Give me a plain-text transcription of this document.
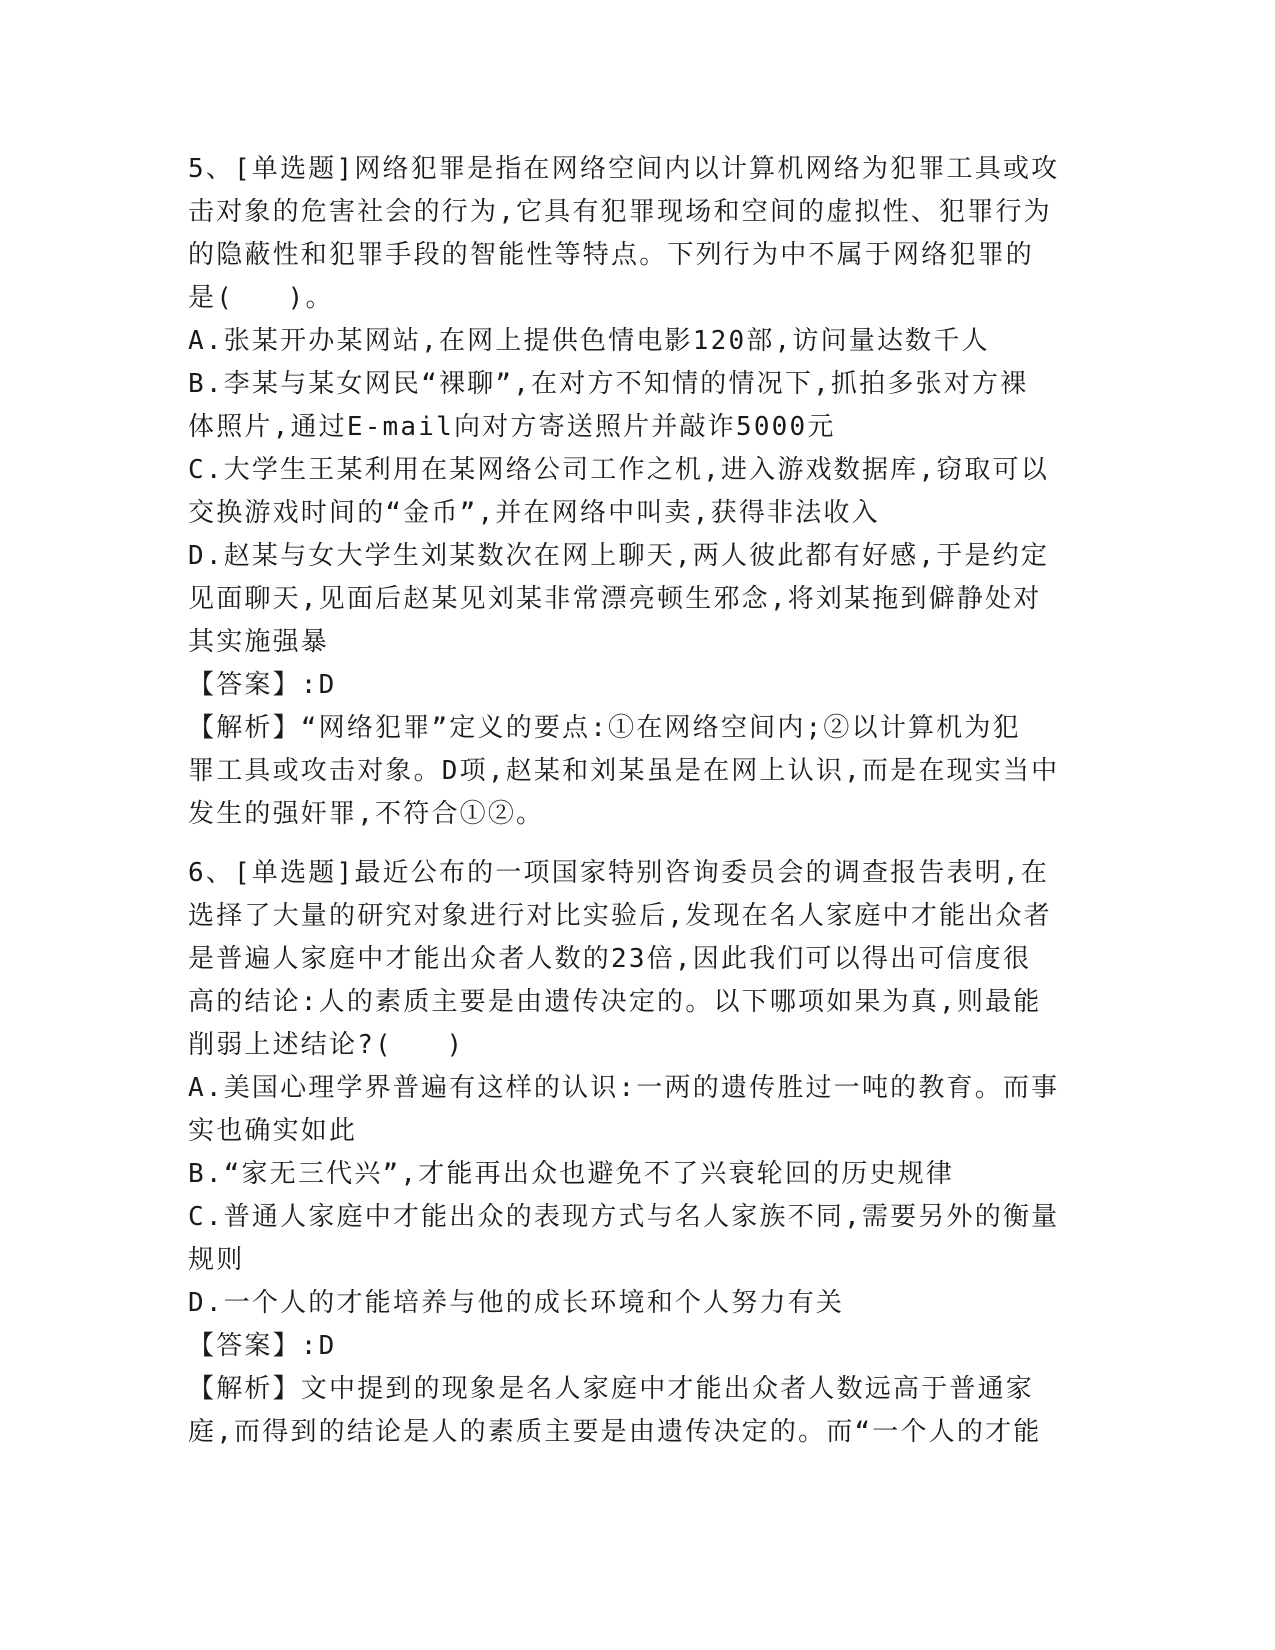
5、[单选题]网络犯罪是指在网络空间内以计算机网络为犯罪工具或攻
击对象的危害社会的行为,它具有犯罪现场和空间的虚拟性、犯罪行为
的隐蔽性和犯罪手段的智能性等特点。下列行为中不属于网络犯罪的
是(   )。
A.张某开办某网站,在网上提供色情电影120部,访问量达数千人
B.李某与某女网民“裸聊”,在对方不知情的情况下,抓拍多张对方裸
体照片,通过E-mail向对方寄送照片并敲诈5000元
C.大学生王某利用在某网络公司工作之机,进入游戏数据库,窃取可以
交换游戏时间的“金币”,并在网络中叫卖,获得非法收入
D.赵某与女大学生刘某数次在网上聊天,两人彼此都有好感,于是约定
见面聊天,见面后赵某见刘某非常漂亮顿生邪念,将刘某拖到僻静处对
其实施强暴
【答案】:D
【解析】“网络犯罪”定义的要点:①在网络空间内;②以计算机为犯
罪工具或攻击对象。D项,赵某和刘某虽是在网上认识,而是在现实当中
发生的强奸罪,不符合①②。
6、[单选题]最近公布的一项国家特别咨询委员会的调查报告表明,在
选择了大量的研究对象进行对比实验后,发现在名人家庭中才能出众者
是普遍人家庭中才能出众者人数的23倍,因此我们可以得出可信度很
高的结论:人的素质主要是由遗传决定的。以下哪项如果为真,则最能
削弱上述结论?(   )
A.美国心理学界普遍有这样的认识:一两的遗传胜过一吨的教育。而事
实也确实如此
B.“家无三代兴”,才能再出众也避免不了兴衰轮回的历史规律
C.普通人家庭中才能出众的表现方式与名人家族不同,需要另外的衡量
规则
D.一个人的才能培养与他的成长环境和个人努力有关
【答案】:D
【解析】文中提到的现象是名人家庭中才能出众者人数远高于普通家
庭,而得到的结论是人的素质主要是由遗传决定的。而“一个人的才能
